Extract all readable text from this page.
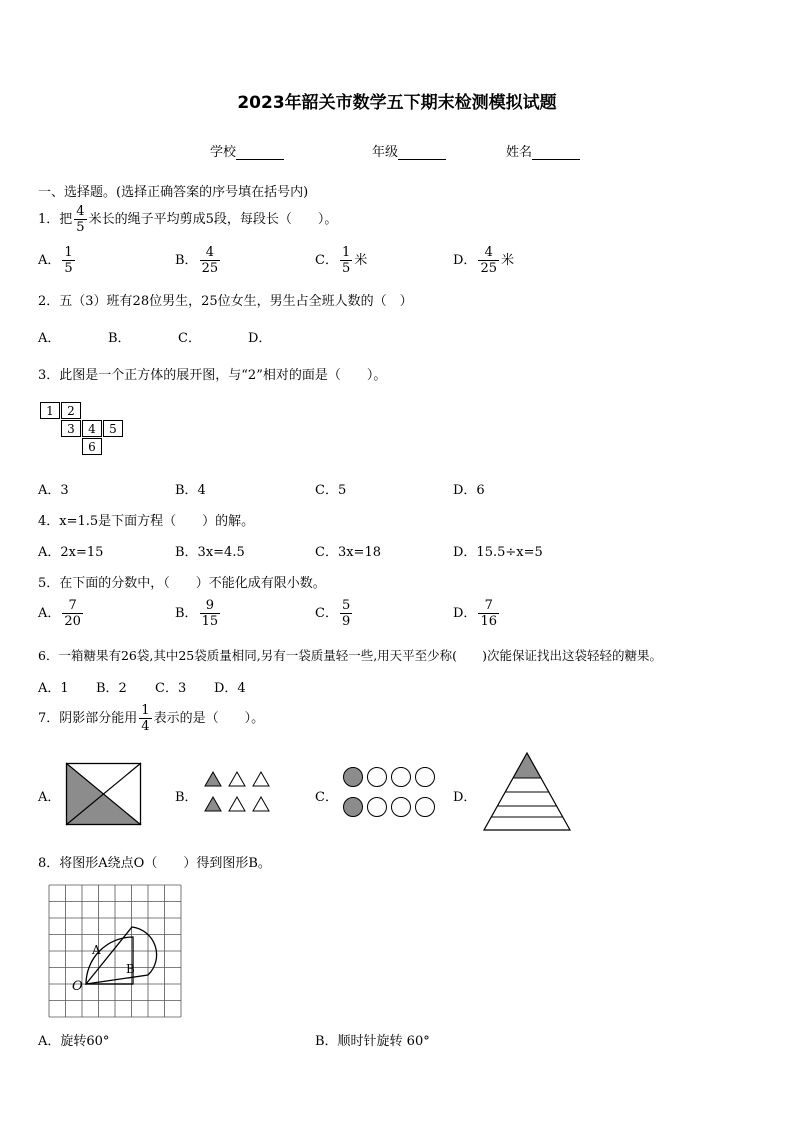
2023年韶关市数学五下期末检测模拟试题
学校	年级	姓名
一、选择题。(选择正确答案的序号填在括号内)
1．把 $\frac{4}{5}$ 米长的绳子平均剪成5段，每段长（　　）。
A． $\frac{1}{5}$	B． $\frac{4}{25}$	C． $\frac{1}{5}$ 米	D． $\frac{4}{25}$ 米
2．五（3）班有28位男生，25位女生，男生占全班人数的（　）
A．	B．	C．	D．
3．此图是一个正方体的展开图，与“2”相对的面是（　　）。
1	2
3	4	5
6
A．3	B．4	C．5	D．6
4．x=1.5是下面方程（　　）的解。
A．2x=15	B．3x=4.5	C．3x=18	D．15.5÷x=5
5．在下面的分数中，（　　）不能化成有限小数。
A． $\frac{7}{20}$	B． $\frac{9}{15}$	C． $\frac{5}{9}$	D． $\frac{7}{16}$
6．一箱糖果有26袋,其中25袋质量相同,另有一袋质量轻一些,用天平至少称(　　)次能保证找出这袋轻轻的糖果。
A．1 B．2 C．3 D．4
7．阴影部分能用 $\frac{1}{4}$ 表示的是（　　）。
A．	B．	C．	D．
8．将图形A绕点O（　　）得到图形B。
A
B
O
A．旋转60°	B．顺时针旋转 60°
